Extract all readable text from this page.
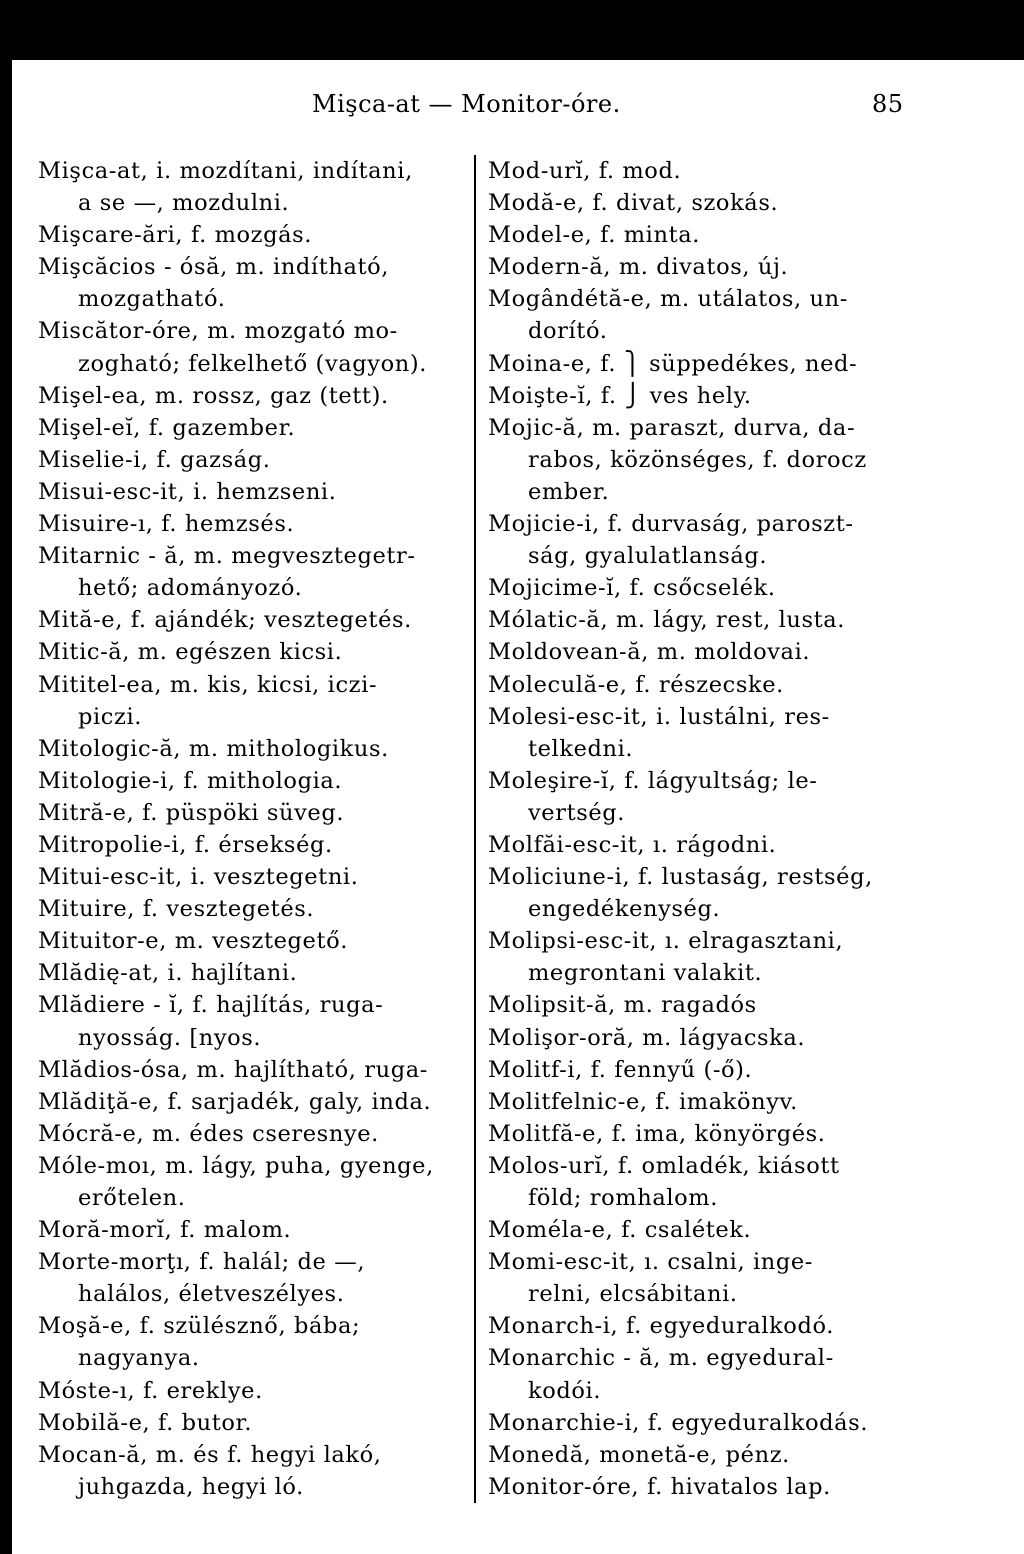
Mişca-at — Monitor-óre.	85
Mişca-at, i. mozdítani, indítani,
a se —, mozdulni.
Mişcare-ări, f. mozgás.
Mişcăcios - ósă, m. indítható,
mozgatható.
Miscător-óre, m. mozgató mo-
zogható; felkelhető (vagyon).
Mişel-ea, m. rossz, gaz (tett).
Mişel-eĭ, f. gazember.
Miselie-i, f. gazság.
Misui-esc-it, i. hemzseni.
Misuire-ı, f. hemzsés.
Mitarnic - ă, m. megvesztegetr-
hető; adományozó.
Mită-e, f. ajándék; vesztegetés.
Mitic-ă, m. egészen kicsi.
Mititel-ea, m. kis, kicsi, iczi-
piczi.
Mitologic-ă, m. mithologikus.
Mitologie-i, f. mithologia.
Mitră-e, f. püspöki süveg.
Mitropolie-i, f. érsekség.
Mitui-esc-it, i. vesztegetni.
Mituire, f. vesztegetés.
Mituitor-e, m. vesztegető.
Mlădię-at, i. hajlítani.
Mlădiere - ĭ, f. hajlítás, ruga-
nyosság. [nyos.
Mlădios-ósa, m. hajlítható, ruga-
Mlădiţă-e, f. sarjadék, galy, inda.
Mócră-e, m. édes cseresnye.
Móle-moı, m. lágy, puha, gyenge,
erőtelen.
Moră-morĭ, f. malom.
Morte-morţı, f. halál; de —,
halálos, életveszélyes.
Moşă-e, f. szülésznő, bába;
nagyanya.
Móste-ı, f. ereklye.
Mobilă-e, f. butor.
Mocan-ă, m. és f. hegyi lakó,
juhgazda, hegyi ló.
Mod-urĭ, f. mod.
Modă-e, f. divat, szokás.
Model-e, f. minta.
Modern-ă, m. divatos, új.
Mogândétă-e, m. utálatos, un-
dorító.
Moina-e, f. ⎫ süppedékes, ned-
Moişte-ĭ, f. ⎭ ves hely.
Mojic-ă, m. paraszt, durva, da-
rabos, közönséges, f. dorocz
ember.
Mojicie-i, f. durvaság, paroszt-
ság, gyalulatlanság.
Mojicime-ĭ, f. csőcselék.
Mólatic-ă, m. lágy, rest, lusta.
Moldovean-ă, m. moldovai.
Moleculă-e, f. részecske.
Molesi-esc-it, i. lustálni, res-
telkedni.
Moleşire-ĭ, f. lágyultság; le-
vertség.
Molfăi-esc-it, ı. rágodni.
Moliciune-i, f. lustaság, restség,
engedékenység.
Molipsi-esc-it, ı. elragasztani,
megrontani valakit.
Molipsit-ă, m. ragadós
Molişor-oră, m. lágyacska.
Molitf-i, f. fennyű (-ő).
Molitfelnic-e, f. imakönyv.
Molitfă-e, f. ima, könyörgés.
Molos-urĭ, f. omladék, kiásott
föld; romhalom.
Moméla-e, f. csalétek.
Momi-esc-it, ı. csalni, inge-
relni, elcsábitani.
Monarch-i, f. egyeduralkodó.
Monarchic - ă, m. egyedural-
kodói.
Monarchie-i, f. egyeduralkodás.
Monedă, monetă-e, pénz.
Monitor-óre, f. hivatalos lap.
